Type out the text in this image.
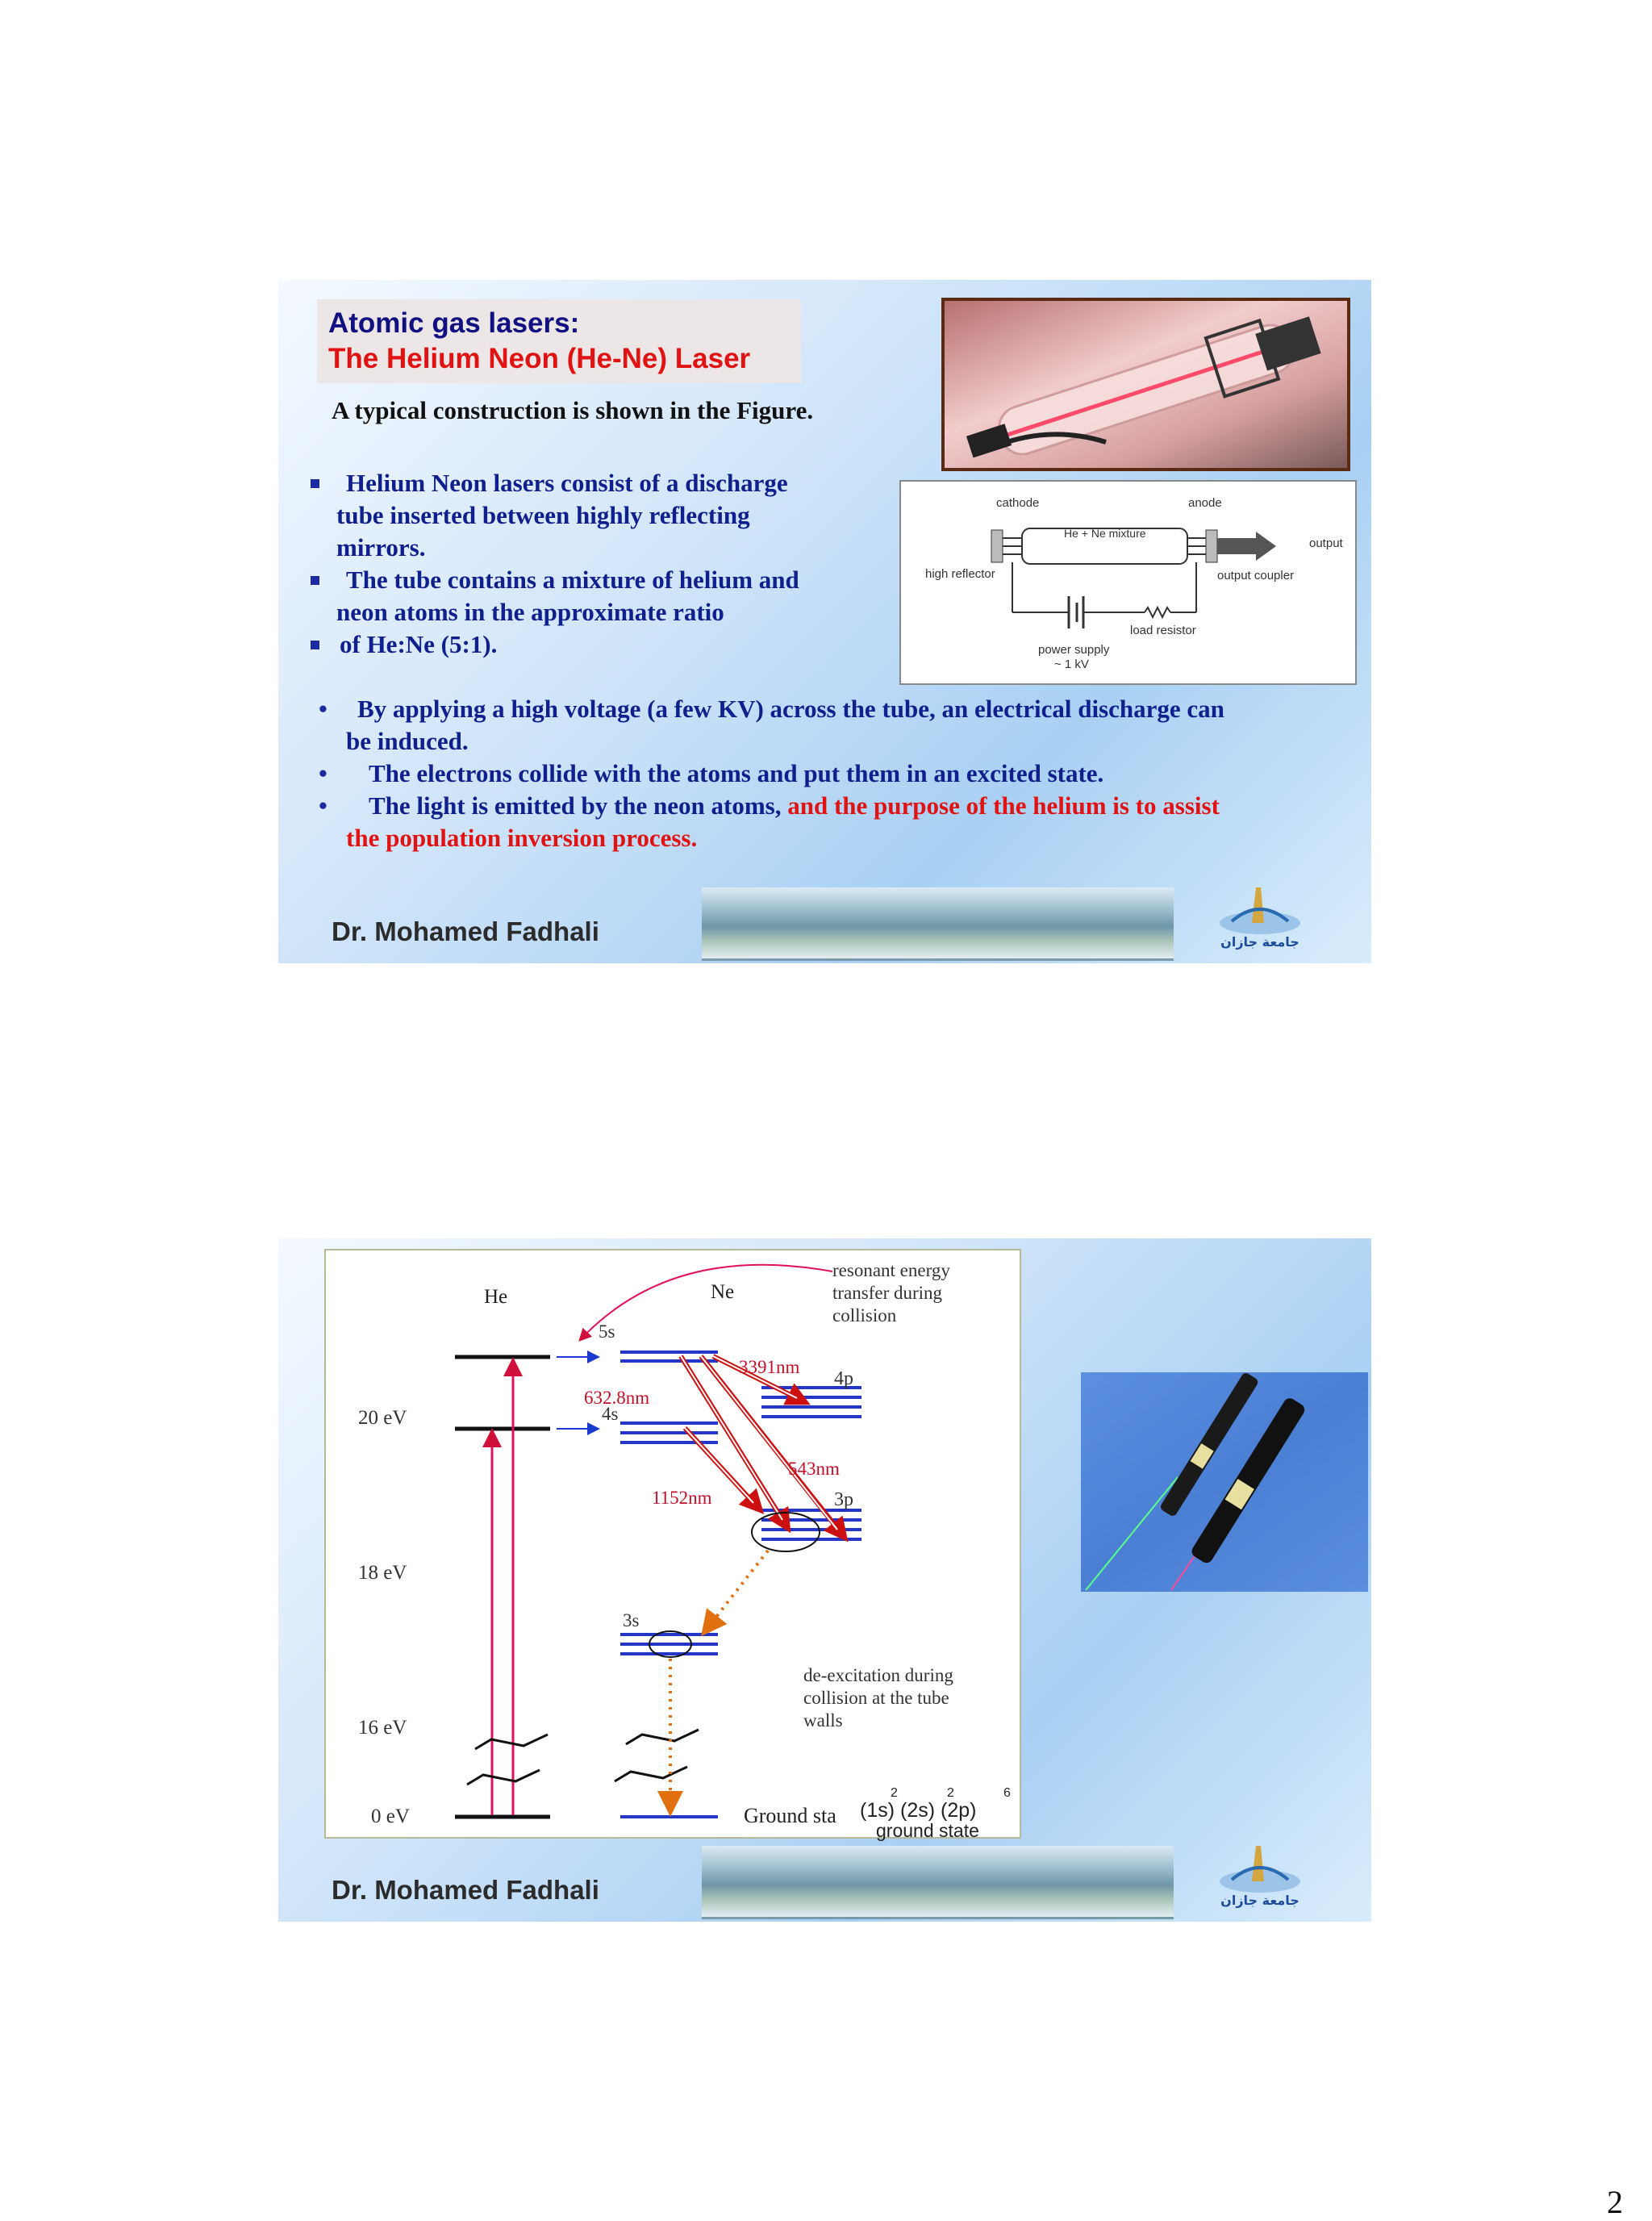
Atomic gas lasers:
The Helium Neon (He-Ne) Laser
A typical construction is shown in the Figure.
cathode	anode
He + Ne mixture
output
high reflector	output coupler
load resistor
power supply
~ 1 kV
Helium Neon lasers consist of a discharge
tube inserted between highly reflecting
mirrors.
The tube contains a mixture of helium and
neon atoms in the approximate ratio
of He:Ne (5:1).
• By applying a high voltage (a few KV) across the tube, an electrical discharge can
be induced.
• The electrons collide with the atoms and put them in an excited state.
• The light is emitted by the neon atoms, and the purpose of the helium is to assist
the population inversion process.
Dr. Mohamed Fadhali	جامعة جازان
He	Ne
resonant energy
transfer during
collision
5s
4s
4p
3p
3s
3391nm
632.8nm
543nm
1152nm
20 eV
18 eV
16 eV
0 eV
de-excitation during
collision at the tube
walls
Ground sta (1s) (2s) (2p)
2	2	6
ground state
Dr. Mohamed Fadhali	جامعة جازان
2
